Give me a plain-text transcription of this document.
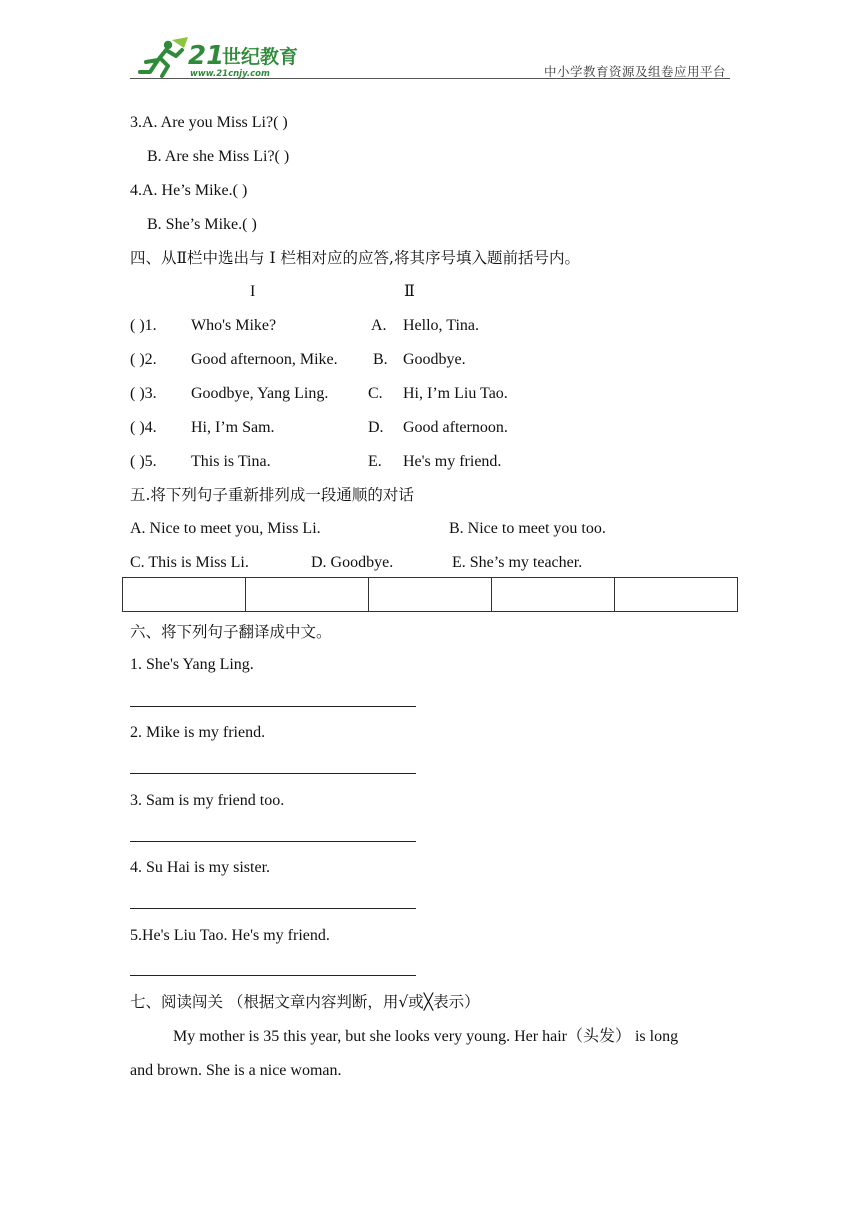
21
世纪教育
www.21cnjy.com	中小学教育资源及组卷应用平台
3.A. Are you Miss Li?( )
B. Are she Miss Li?( )
4.A. He’s Mike.( )
B. She’s Mike.( )
四、从Ⅱ栏中选出与 I 栏相对应的应答,将其序号填入题前括号内。
I	Ⅱ
( )1. Who's Mike?	A. Hello, Tina.
( )2. Good afternoon, Mike. B. Goodbye.
( )3. Goodbye, Yang Ling. C. Hi, I’m Liu Tao.
( )4. Hi, I’m Sam.	D. Good afternoon.
( )5. This is Tina.	E. He's my friend.
五.将下列句子重新排列成一段通顺的对话
A. Nice to meet you, Miss Li.	B. Nice to meet you too.
C. This is Miss Li.	D. Goodbye.	E. She’s my teacher.

六、将下列句子翻译成中文。
1. She's Yang Ling.
2. Mike is my friend.
3. Sam is my friend too.
4. Su Hai is my sister.
5.He's Liu Tao. He's my friend.
七、阅读闯关 （根据文章内容判断，用√或╳表示）
My mother is 35 this year, but she looks very young. Her hair（头发） is long
and brown. She is a nice woman.
